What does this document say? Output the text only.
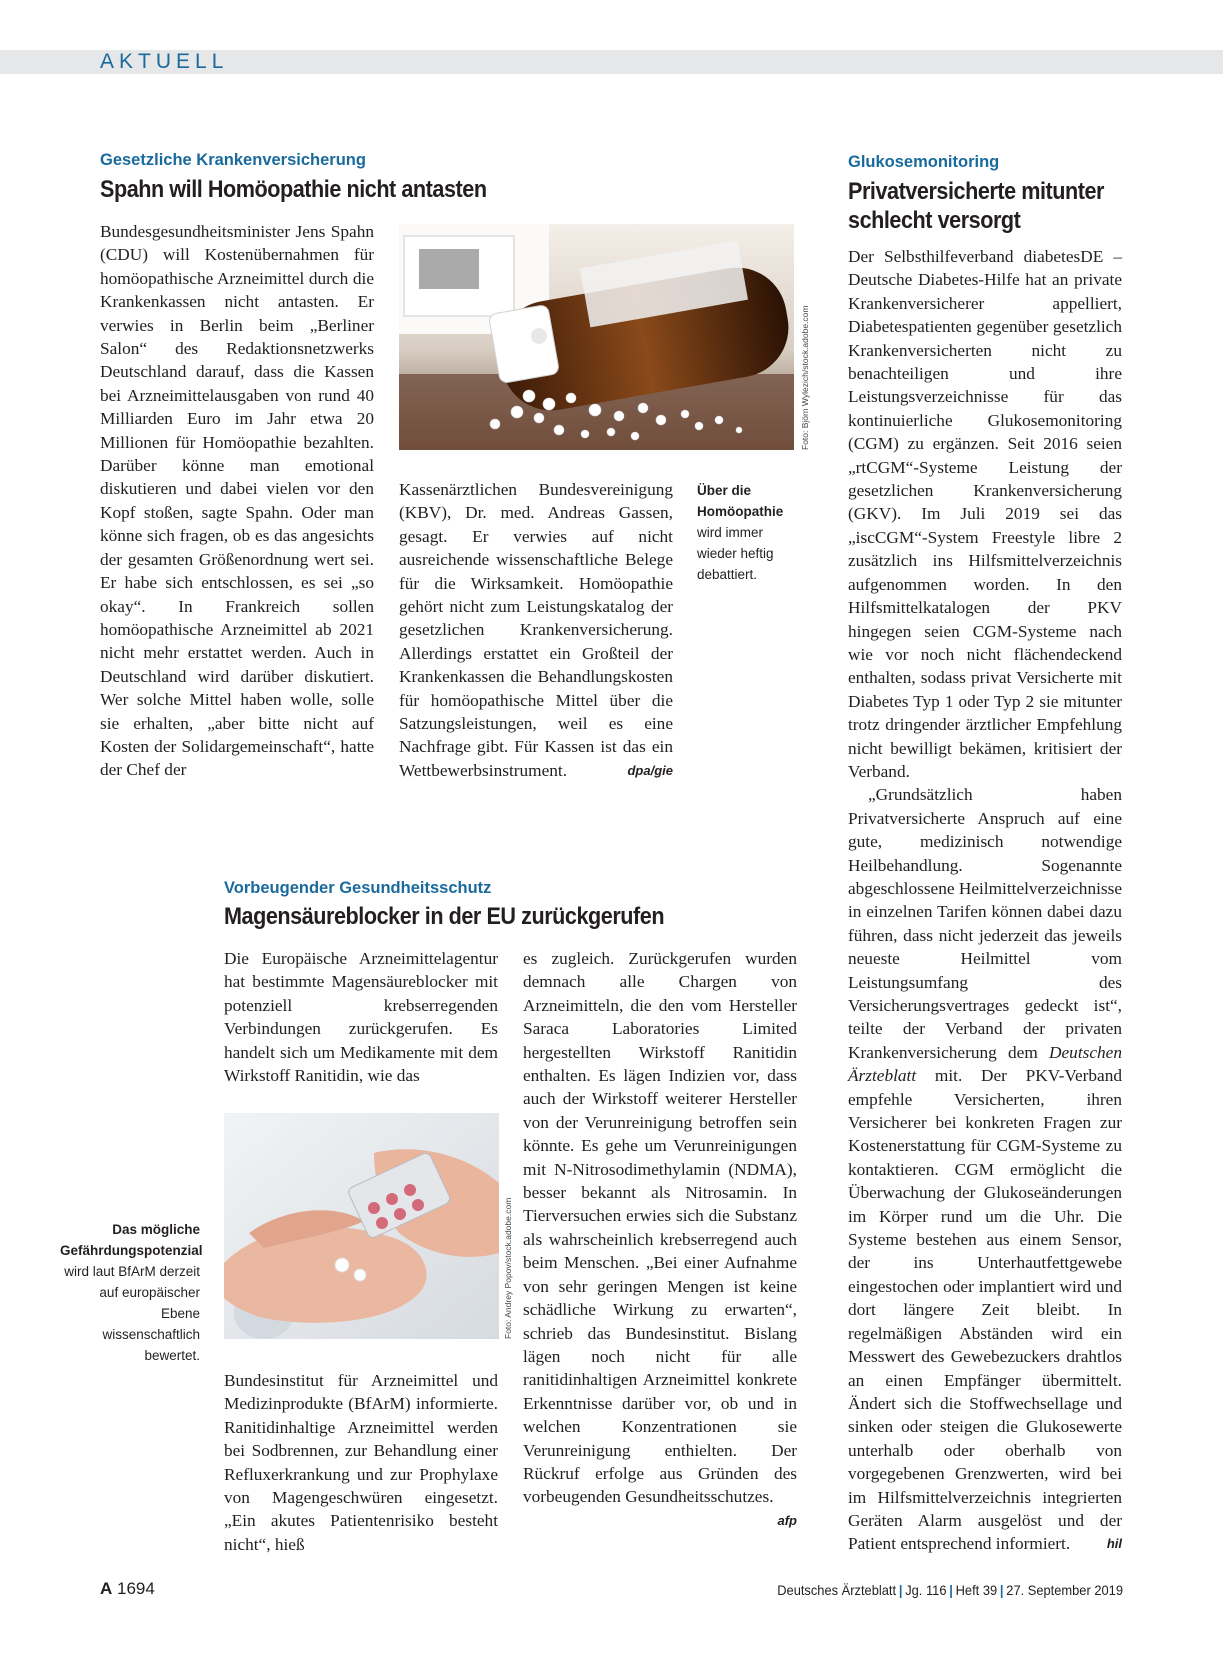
AKTUELL
Gesetzliche Krankenversicherung
Spahn will Homöopathie nicht antasten

Bundesgesundheitsminister Jens Spahn (CDU) will Kostenübernahmen für homöopathische Arzneimittel durch die Krankenkassen nicht antasten. Er verwies in Berlin beim „Berliner Salon“ des Redaktionsnetzwerks Deutschland darauf, dass die Kassen bei Arzneimittelausgaben von rund 40 Milliarden Euro im Jahr etwa 20 Millionen für Homöopathie bezahlten. Darüber könne man emotional diskutieren und dabei vielen vor den Kopf stoßen, sagte Spahn. Oder man könne sich fragen, ob es das angesichts der gesamten Größenordnung wert sei. Er habe sich entschlossen, es sei „so okay“. In Frankreich sollen homöopathische Arzneimittel ab 2021 nicht mehr erstattet werden. Auch in Deutschland wird darüber diskutiert. Wer solche Mittel haben wolle, solle sie erhalten, „aber bitte nicht auf Kosten der Solidargemeinschaft“, hatte der Chef der

Foto: Björn Wylezich/stock.adobe.com

Kassenärztlichen Bundesvereinigung (KBV), Dr. med. Andreas Gassen, gesagt. Er verwies auf nicht ausreichende wissenschaftliche Belege für die Wirksamkeit. Homöopathie gehört nicht zum Leistungskatalog der gesetzlichen Krankenversicherung. Allerdings erstattet ein Großteil der Krankenkassen die Behandlungskosten für homöopathische Mittel über die Satzungsleistungen, weil es eine Nachfrage gibt. Für Kassen ist das ein Wettbewerbsinstrument.	dpa/gie

Über die Homöopathie wird immer wieder heftig debattiert.
Vorbeugender Gesundheitsschutz
Magensäureblocker in der EU zurückgerufen

Die Europäische Arzneimittelagentur hat bestimmte Magensäureblocker mit potenziell krebserregenden Verbindungen zurückgerufen. Es handelt sich um Medikamente mit dem Wirkstoff Ranitidin, wie das

Foto: Andrey Popov/stock.adobe.com
Das mögliche Gefährdungspotenzial wird laut BfArM derzeit auf europäischer Ebene wissenschaftlich bewertet.

Bundesinstitut für Arzneimittel und Medizinprodukte (BfArM) informierte. Ranitidinhaltige Arzneimittel werden bei Sodbrennen, zur Behandlung einer Refluxerkrankung und zur Prophylaxe von Magengeschwüren eingesetzt. „Ein akutes Patientenrisiko besteht nicht“, hieß

es zugleich. Zurückgerufen wurden demnach alle Chargen von Arzneimitteln, die den vom Hersteller Saraca Laboratories Limited hergestellten Wirkstoff Ranitidin enthalten. Es lägen Indizien vor, dass auch der Wirkstoff weiterer Hersteller von der Verunreinigung betroffen sein könnte. Es gehe um Verunreinigungen mit N-Nitrosodimethylamin (NDMA), besser bekannt als Nitrosamin. In Tierversuchen erwies sich die Substanz als wahrscheinlich krebserregend auch beim Menschen. „Bei einer Aufnahme von sehr geringen Mengen ist keine schädliche Wirkung zu erwarten“, schrieb das Bundesinstitut. Bislang lägen noch nicht für alle ranitidinhaltigen Arzneimittel konkrete Erkenntnisse darüber vor, ob und in welchen Konzentrationen sie Verunreinigung enthielten. Der Rückruf erfolge aus Gründen des vorbeugenden Gesundheitsschutzes.
afp

Glukosemonitoring
Privatversicherte mitunter
schlecht versorgt

Der Selbsthilfeverband diabetesDE – Deutsche Diabetes-Hilfe hat an private Krankenversicherer appelliert, Diabetespatienten gegenüber gesetzlich Krankenversicherten nicht zu benachteiligen und ihre Leistungsverzeichnisse für das kontinuierliche Glukosemonitoring (CGM) zu ergänzen. Seit 2016 seien „rtCGM“-Systeme Leistung der gesetzlichen Krankenversicherung (GKV). Im Juli 2019 sei das „iscCGM“-System Freestyle libre 2 zusätzlich ins Hilfsmittelverzeichnis aufgenommen worden. In den Hilfsmittelkatalogen der PKV hingegen seien CGM-Systeme nach wie vor noch nicht flächendeckend enthalten, sodass privat Versicherte mit Diabetes Typ 1 oder Typ 2 sie mitunter trotz dringender ärztlicher Empfehlung nicht bewilligt bekämen, kritisiert der Verband.

„Grundsätzlich haben Privatversicherte Anspruch auf eine gute, medizinisch notwendige Heilbehandlung. Sogenannte abgeschlossene Heilmittelverzeichnisse in einzelnen Tarifen können dabei dazu führen, dass nicht jederzeit das jeweils neueste Heilmittel vom Leistungsumfang des Versicherungsvertrages gedeckt ist“, teilte der Verband der privaten Krankenversicherung dem Deutschen Ärzteblatt mit. Der PKV-Verband empfehle Versicherten, ihren Versicherer bei konkreten Fragen zur Kostenerstattung für CGM-Systeme zu kontaktieren. CGM ermöglicht die Überwachung der Glukoseänderungen im Körper rund um die Uhr. Die Systeme bestehen aus einem Sensor, der ins Unterhautfettgewebe eingestochen oder implantiert wird und dort längere Zeit bleibt. In regelmäßigen Abständen wird ein Messwert des Gewebezuckers drahtlos an einen Empfänger übermittelt. Ändert sich die Stoffwechsellage und sinken oder steigen die Glukosewerte unterhalb oder oberhalb von vorgegebenen Grenzwerten, wird bei im Hilfsmittelverzeichnis integrierten Geräten Alarm ausgelöst und der Patient entsprechend informiert.	hil

A 1694	Deutsches Ärzteblatt | Jg. 116 | Heft 39 | 27. September 2019
